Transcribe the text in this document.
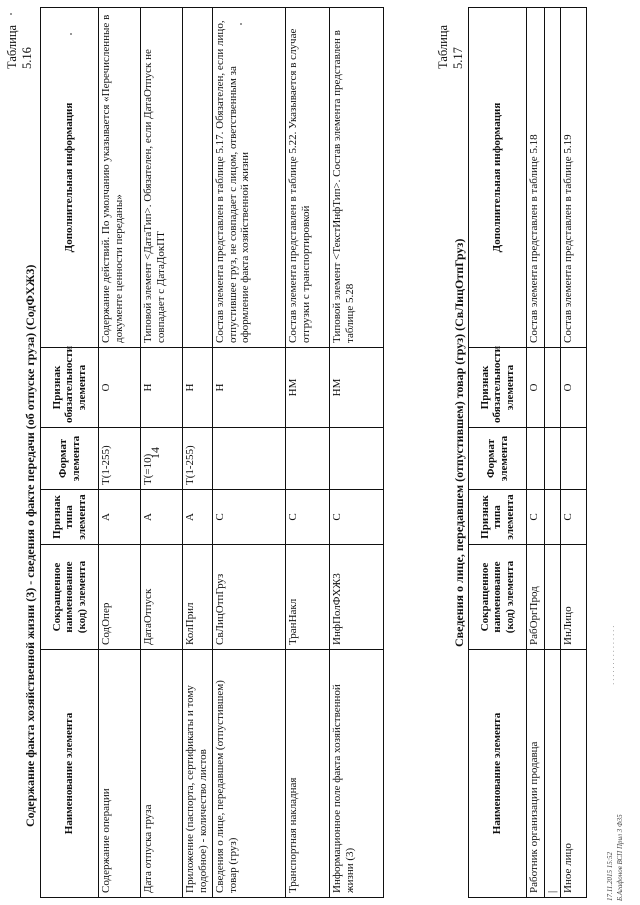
14
Таблица 5.16
Содержание факта хозяйственной жизни (3) - сведения о факте передачи (об отпуске груза) (СодФХЖ3) Наименование элемента	Сокращенное наименование (код) элемента	Признак типа элемента	Формат элемента	Признак обязательности элемента	Дополнительная информация
Содержание операции	СодОпер	А	Т(1-255)	О	Содержание действий. По умолчанию указывается «Перечисленные в документе ценности переданы»
Дата отпуска груза	ДатаОтпуск	А	Т(=10)	Н	Типовой элемент <ДатаТип>. Обязателен, если ДатаОтпуск не совпадает с ДатаДокПТ
Приложение (паспорта, сертификаты и тому подобное) - количество листов	КолПрил	А	Т(1-255)	Н	
Сведения о лице, передавшем (отпустившем) товар (груз)	СвЛицОтпГруз	С		Н	Состав элемента представлен в таблице 5.17. Обязателен, если лицо, отпустившее груз, не совпадает с лицом, ответственным за оформление факта хозяйственной жизни
Транспортная накладная	ТранНакл	С		НМ	Состав элемента представлен в таблице 5.22. Указывается в случае отгрузки с транспортировкой
Информационное поле факта хозяйственной жизни (3)	ИнфПолФХЖ3	С		НМ	Типовой элемент <ТекстИнфТип>. Состав элемента представлен в таблице 5.28
Таблица 5.17
Сведения о лице, передавшем (отпустившем) товар (груз) (СвЛицОтпГруз)
Наименование элемента	Сокращенное наименование (код) элемента	Признак типа элемента	Формат элемента	Признак обязательности элемента	Дополнительная информация
Работник организации продавца	РабОргПрод	С		О	Состав элемента представлен в таблице 5.18
|					
Иное лицо	ИнЛицо	С		О	Состав элемента представлен в таблице 5.19
· · · · · · · · · · · · · · ·
17.11.2015 15:52 Б.Агафонов ВСП Прил 3 Ф35
